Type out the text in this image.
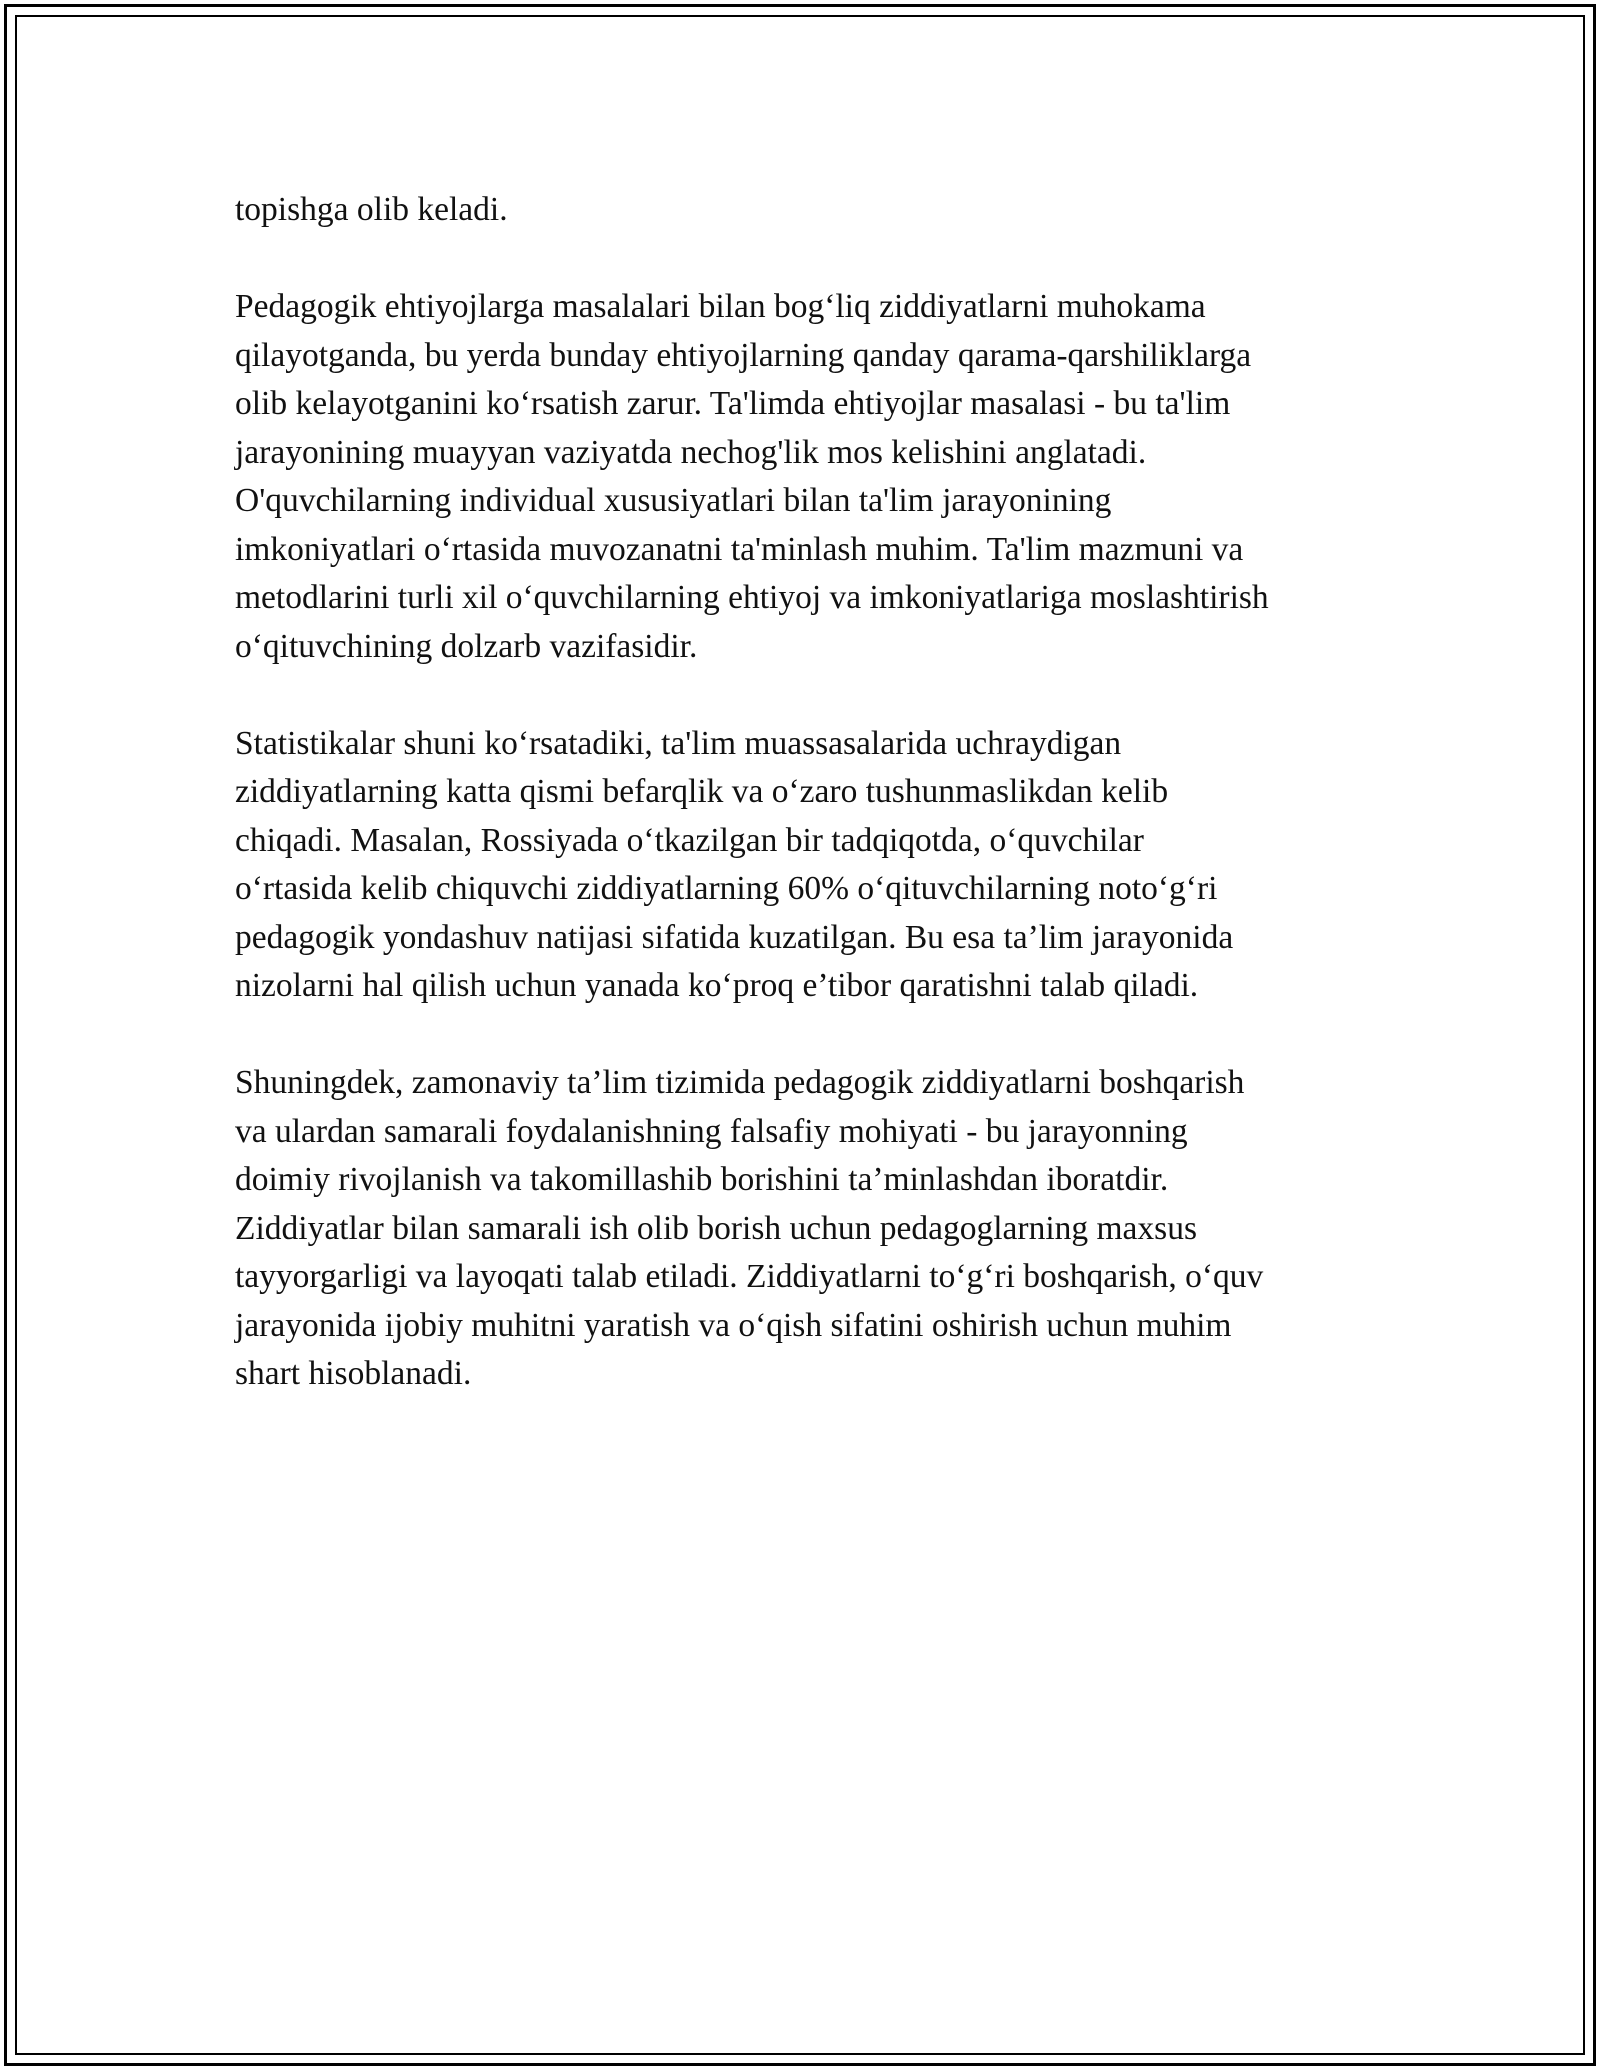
topishga olib keladi.

Pedagogik ehtiyojlarga masalalari bilan bog‘liq ziddiyatlarni muhokama
qilayotganda, bu yerda bunday ehtiyojlarning qanday qarama-qarshiliklarga
olib kelayotganini ko‘rsatish zarur. Ta'limda ehtiyojlar masalasi - bu ta'lim
jarayonining muayyan vaziyatda nechog'lik mos kelishini anglatadi.
O'quvchilarning individual xususiyatlari bilan ta'lim jarayonining
imkoniyatlari o‘rtasida muvozanatni ta'minlash muhim. Ta'lim mazmuni va
metodlarini turli xil o‘quvchilarning ehtiyoj va imkoniyatlariga moslashtirish
o‘qituvchining dolzarb vazifasidir.

Statistikalar shuni ko‘rsatadiki, ta'lim muassasalarida uchraydigan
ziddiyatlarning katta qismi befarqlik va o‘zaro tushunmaslikdan kelib
chiqadi. Masalan, Rossiyada o‘tkazilgan bir tadqiqotda, o‘quvchilar
o‘rtasida kelib chiquvchi ziddiyatlarning 60% o‘qituvchilarning noto‘g‘ri
pedagogik yondashuv natijasi sifatida kuzatilgan. Bu esa ta’lim jarayonida
nizolarni hal qilish uchun yanada ko‘proq e’tibor qaratishni talab qiladi.

Shuningdek, zamonaviy ta’lim tizimida pedagogik ziddiyatlarni boshqarish
va ulardan samarali foydalanishning falsafiy mohiyati - bu jarayonning
doimiy rivojlanish va takomillashib borishini ta’minlashdan iboratdir.
Ziddiyatlar bilan samarali ish olib borish uchun pedagoglarning maxsus
tayyorgarligi va layoqati talab etiladi. Ziddiyatlarni to‘g‘ri boshqarish, o‘quv
jarayonida ijobiy muhitni yaratish va o‘qish sifatini oshirish uchun muhim
shart hisoblanadi.
